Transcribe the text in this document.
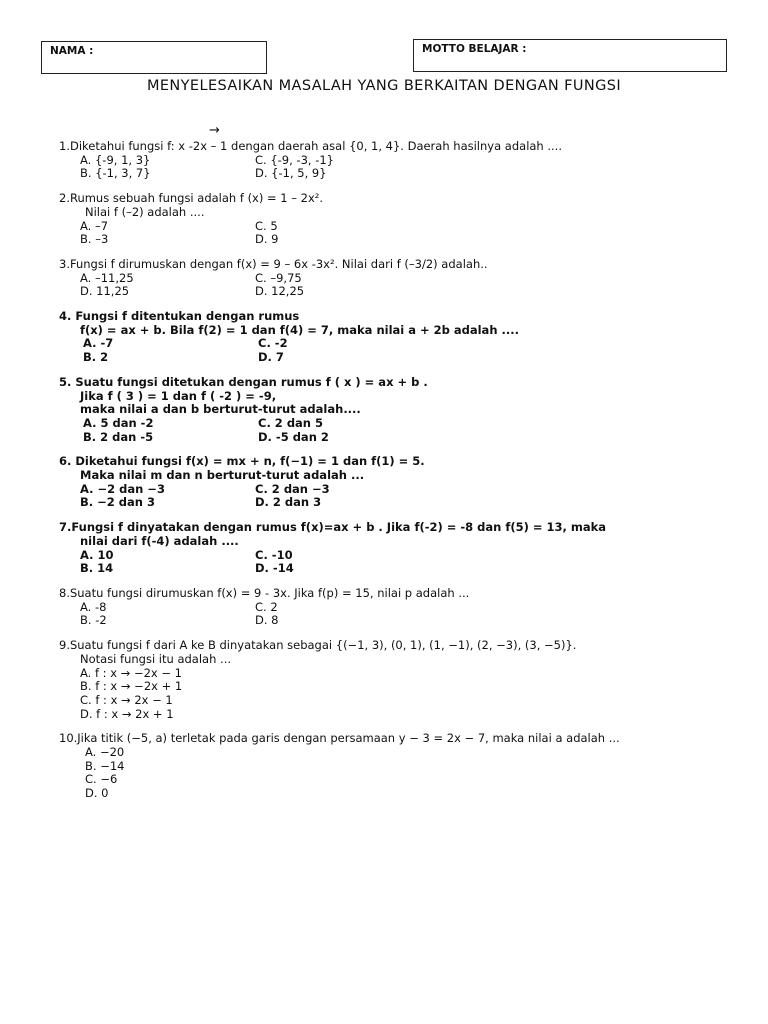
NAMA :	MOTTO BELAJAR :
MENYELESAIKAN MASALAH YANG BERKAITAN DENGAN FUNGSI
→
1.Diketahui fungsi f: x -2x – 1 dengan daerah asal {0, 1, 4}. Daerah hasilnya adalah ....
A. {-9, 1, 3}	C. {-9, -3, -1}
B. {-1, 3, 7}	D. {-1, 5, 9}
2.Rumus sebuah fungsi adalah f (x) = 1 – 2x².
Nilai f (–2) adalah ....
A. –7	C. 5
B. –3	D. 9
3.Fungsi f dirumuskan dengan f(x) = 9 – 6x -3x². Nilai dari f (–3/2) adalah..
A. –11,25	C. –9,75
D. 11,25	D. 12,25
4. Fungsi f ditentukan dengan rumus
f(x) = ax + b. Bila f(2) = 1 dan f(4) = 7, maka nilai a + 2b adalah ....
A. -7	C. -2
B. 2	D. 7
5. Suatu fungsi ditetukan dengan rumus f ( x ) = ax + b .
Jika f ( 3 ) = 1 dan f ( -2 ) = -9,
maka nilai a dan b berturut-turut adalah....
A. 5 dan -2	C. 2 dan 5
B. 2 dan -5	D. -5 dan 2
6. Diketahui fungsi f(x) = mx + n, f(−1) = 1 dan f(1) = 5.
Maka nilai m dan n berturut-turut adalah ...
A. −2 dan −3	C. 2 dan −3
B. −2 dan 3	D. 2 dan 3
7.Fungsi f dinyatakan dengan rumus f(x)=ax + b . Jika f(-2) = -8 dan f(5) = 13, maka
nilai dari f(-4) adalah ....
A. 10	C. -10
B. 14	D. -14
8.Suatu fungsi dirumuskan f(x) = 9 - 3x. Jika f(p) = 15, nilai p adalah ...
A. -8	C. 2
B. -2	D. 8
9.Suatu fungsi f dari A ke B dinyatakan sebagai {(−1, 3), (0, 1), (1, −1), (2, −3), (3, −5)}.
Notasi fungsi itu adalah ...
A. f : x → −2x − 1
B. f : x → −2x + 1
C. f : x → 2x − 1
D. f : x → 2x + 1
10.Jika titik (−5, a) terletak pada garis dengan persamaan y − 3 = 2x − 7, maka nilai a adalah ...
A. −20
B. −14
C. −6
D. 0
